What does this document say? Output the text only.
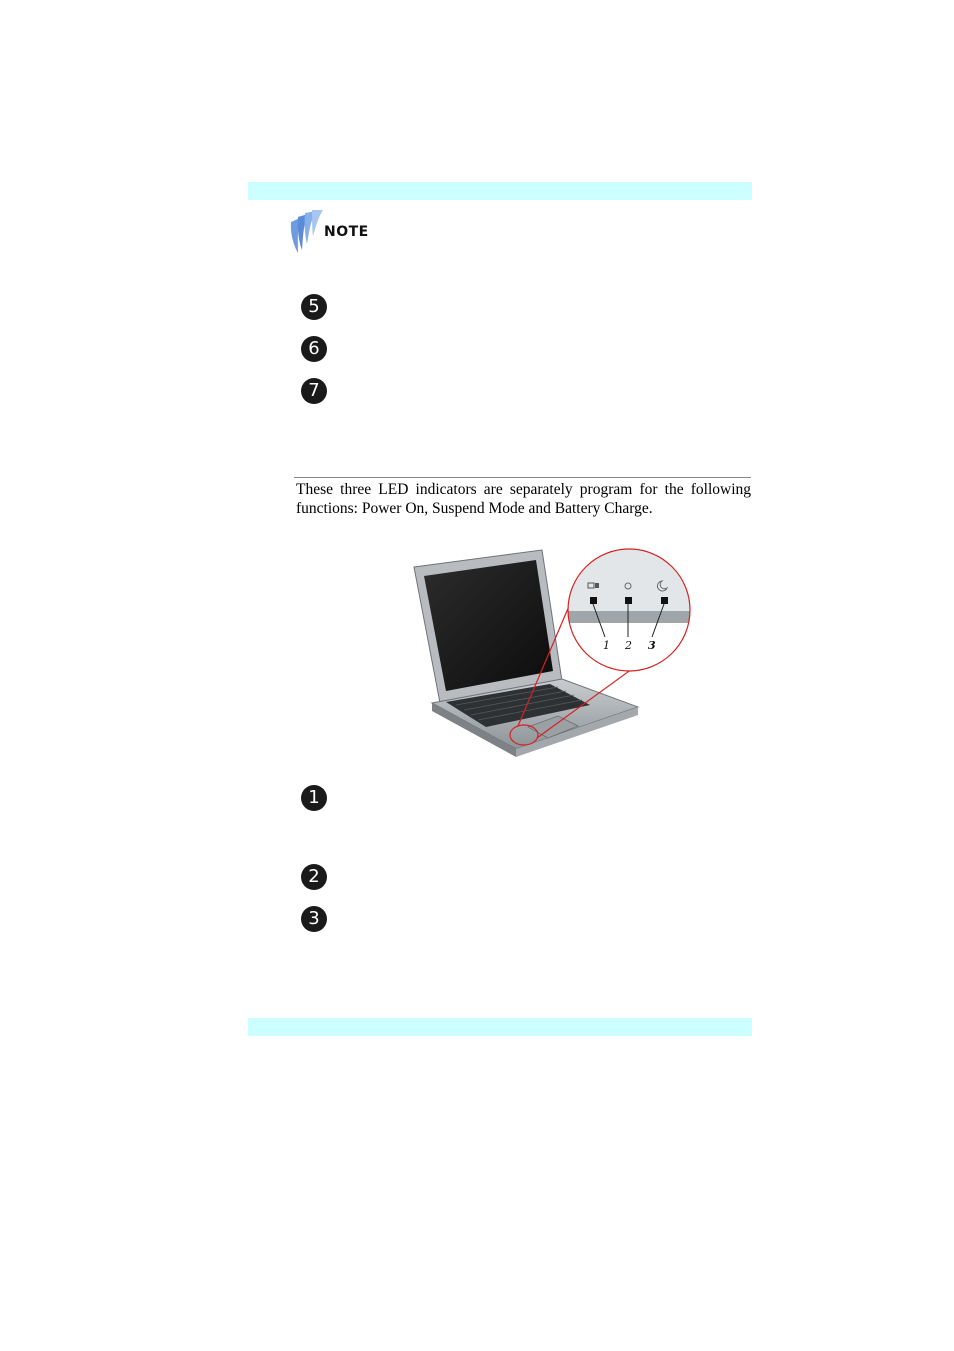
NOTE
5
6
7

These three LED indicators are separately program for the following functions: Power On, Suspend Mode and Battery Charge.

1 2 3
1
2
3
